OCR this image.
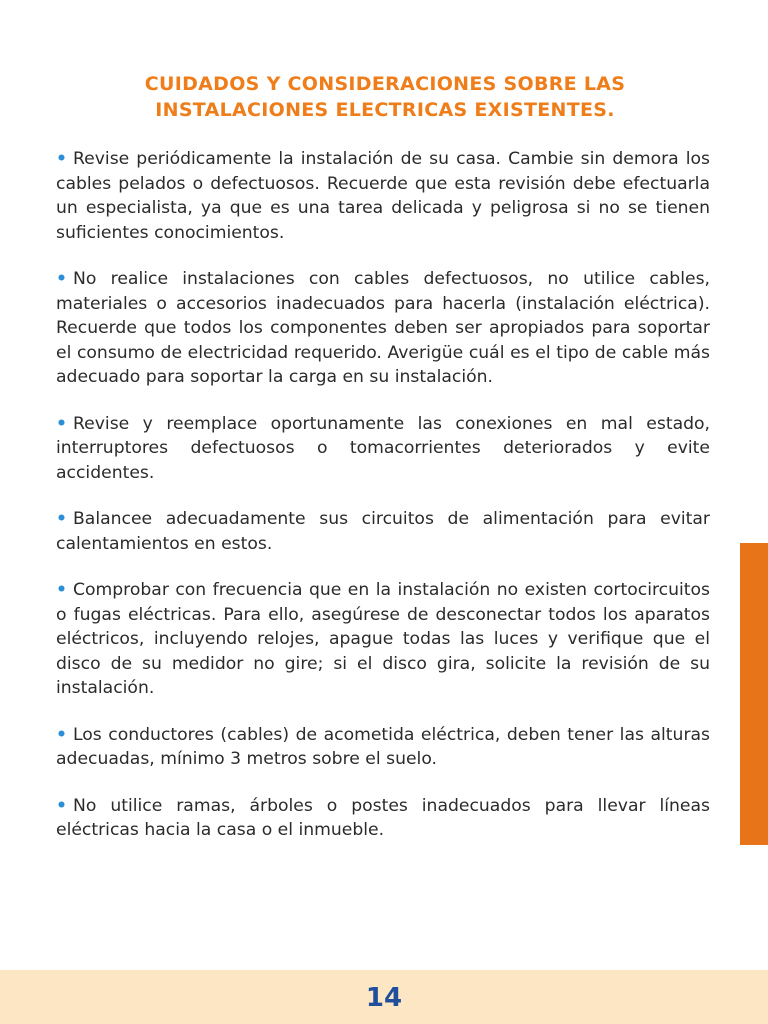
CUIDADOS Y CONSIDERACIONES SOBRE LAS
INSTALACIONES ELECTRICAS EXISTENTES.

• Revise periódicamente la instalación de su casa. Cambie sin demora los cables pelados o defectuosos. Recuerde que esta revisión debe efectuarla un especialista, ya que es una tarea delicada y peligrosa si no se tienen suficientes conocimientos.

• No realice instalaciones con cables defectuosos, no utilice cables, materiales o accesorios inadecuados para hacerla (instalación eléctrica). Recuerde que todos los componentes deben ser apropiados para soportar el consumo de electricidad requerido. Averigüe cuál es el tipo de cable más adecuado para soportar la carga en su instalación.

• Revise y reemplace oportunamente las conexiones en mal estado, interruptores defectuosos o tomacorrientes deteriorados y evite accidentes.

• Balancee adecuadamente sus circuitos de alimentación para evitar calentamientos en estos.

• Comprobar con frecuencia que en la instalación no existen cortocircuitos o fugas eléctricas. Para ello, asegúrese de desconectar todos los aparatos eléctricos, incluyendo relojes, apague todas las luces y verifique que el disco de su medidor no gire; si el disco gira, solicite la revisión de su instalación.

• Los conductores (cables) de acometida eléctrica, deben tener las alturas adecuadas, mínimo 3 metros sobre el suelo.

• No utilice ramas, árboles o postes inadecuados para llevar líneas eléctricas hacia la casa o el inmueble.

14
